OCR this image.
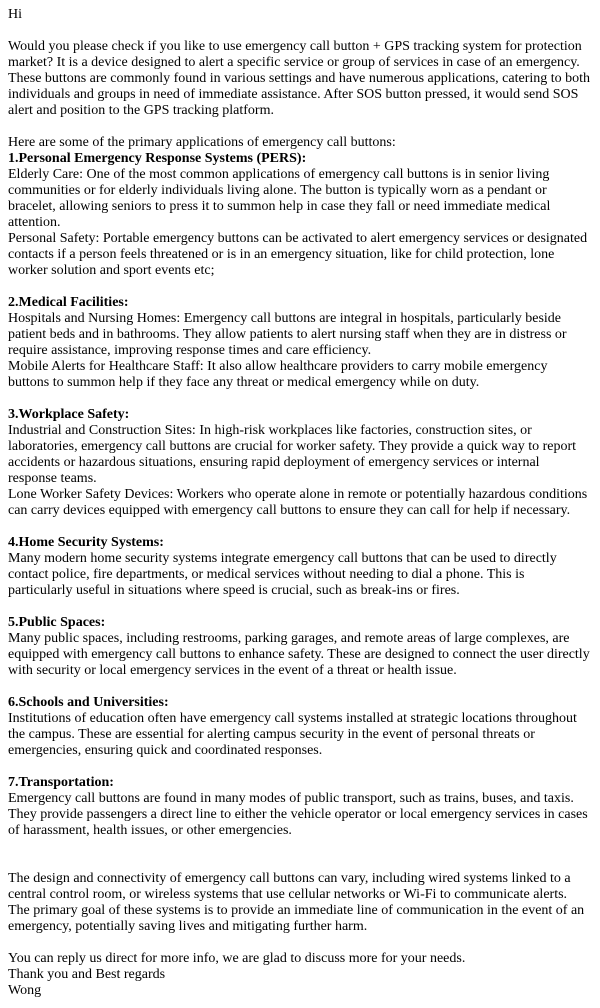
Hi
Would you please check if you like to use emergency call button + GPS tracking system for protection market? It is a device designed to alert a specific service or group of services in case of an emergency. These buttons are commonly found in various settings and have numerous applications, catering to both individuals and groups in need of immediate assistance. After SOS button pressed, it would send SOS alert and position to the GPS tracking platform.
Here are some of the primary applications of emergency call buttons:
1.Personal Emergency Response Systems (PERS):
Elderly Care: One of the most common applications of emergency call buttons is in senior living communities or for elderly individuals living alone. The button is typically worn as a pendant or bracelet, allowing seniors to press it to summon help in case they fall or need immediate medical attention.
Personal Safety: Portable emergency buttons can be activated to alert emergency services or designated contacts if a person feels threatened or is in an emergency situation, like for child protection, lone worker solution and sport events etc;
2.Medical Facilities:
Hospitals and Nursing Homes: Emergency call buttons are integral in hospitals, particularly beside patient beds and in bathrooms. They allow patients to alert nursing staff when they are in distress or require assistance, improving response times and care efficiency.
Mobile Alerts for Healthcare Staff: It also allow healthcare providers to carry mobile emergency buttons to summon help if they face any threat or medical emergency while on duty.
3.Workplace Safety:
Industrial and Construction Sites: In high-risk workplaces like factories, construction sites, or laboratories, emergency call buttons are crucial for worker safety. They provide a quick way to report accidents or hazardous situations, ensuring rapid deployment of emergency services or internal response teams.
Lone Worker Safety Devices: Workers who operate alone in remote or potentially hazardous conditions can carry devices equipped with emergency call buttons to ensure they can call for help if necessary.
4.Home Security Systems:
Many modern home security systems integrate emergency call buttons that can be used to directly contact police, fire departments, or medical services without needing to dial a phone. This is particularly useful in situations where speed is crucial, such as break-ins or fires.
5.Public Spaces:
Many public spaces, including restrooms, parking garages, and remote areas of large complexes, are equipped with emergency call buttons to enhance safety. These are designed to connect the user directly with security or local emergency services in the event of a threat or health issue.
6.Schools and Universities:
Institutions of education often have emergency call systems installed at strategic locations throughout the campus. These are essential for alerting campus security in the event of personal threats or emergencies, ensuring quick and coordinated responses.
7.Transportation:
Emergency call buttons are found in many modes of public transport, such as trains, buses, and taxis. They provide passengers a direct line to either the vehicle operator or local emergency services in cases of harassment, health issues, or other emergencies.
The design and connectivity of emergency call buttons can vary, including wired systems linked to a central control room, or wireless systems that use cellular networks or Wi-Fi to communicate alerts. The primary goal of these systems is to provide an immediate line of communication in the event of an emergency, potentially saving lives and mitigating further harm.
You can reply us direct for more info, we are glad to discuss more for your needs.
Thank you and Best regards
Wong
